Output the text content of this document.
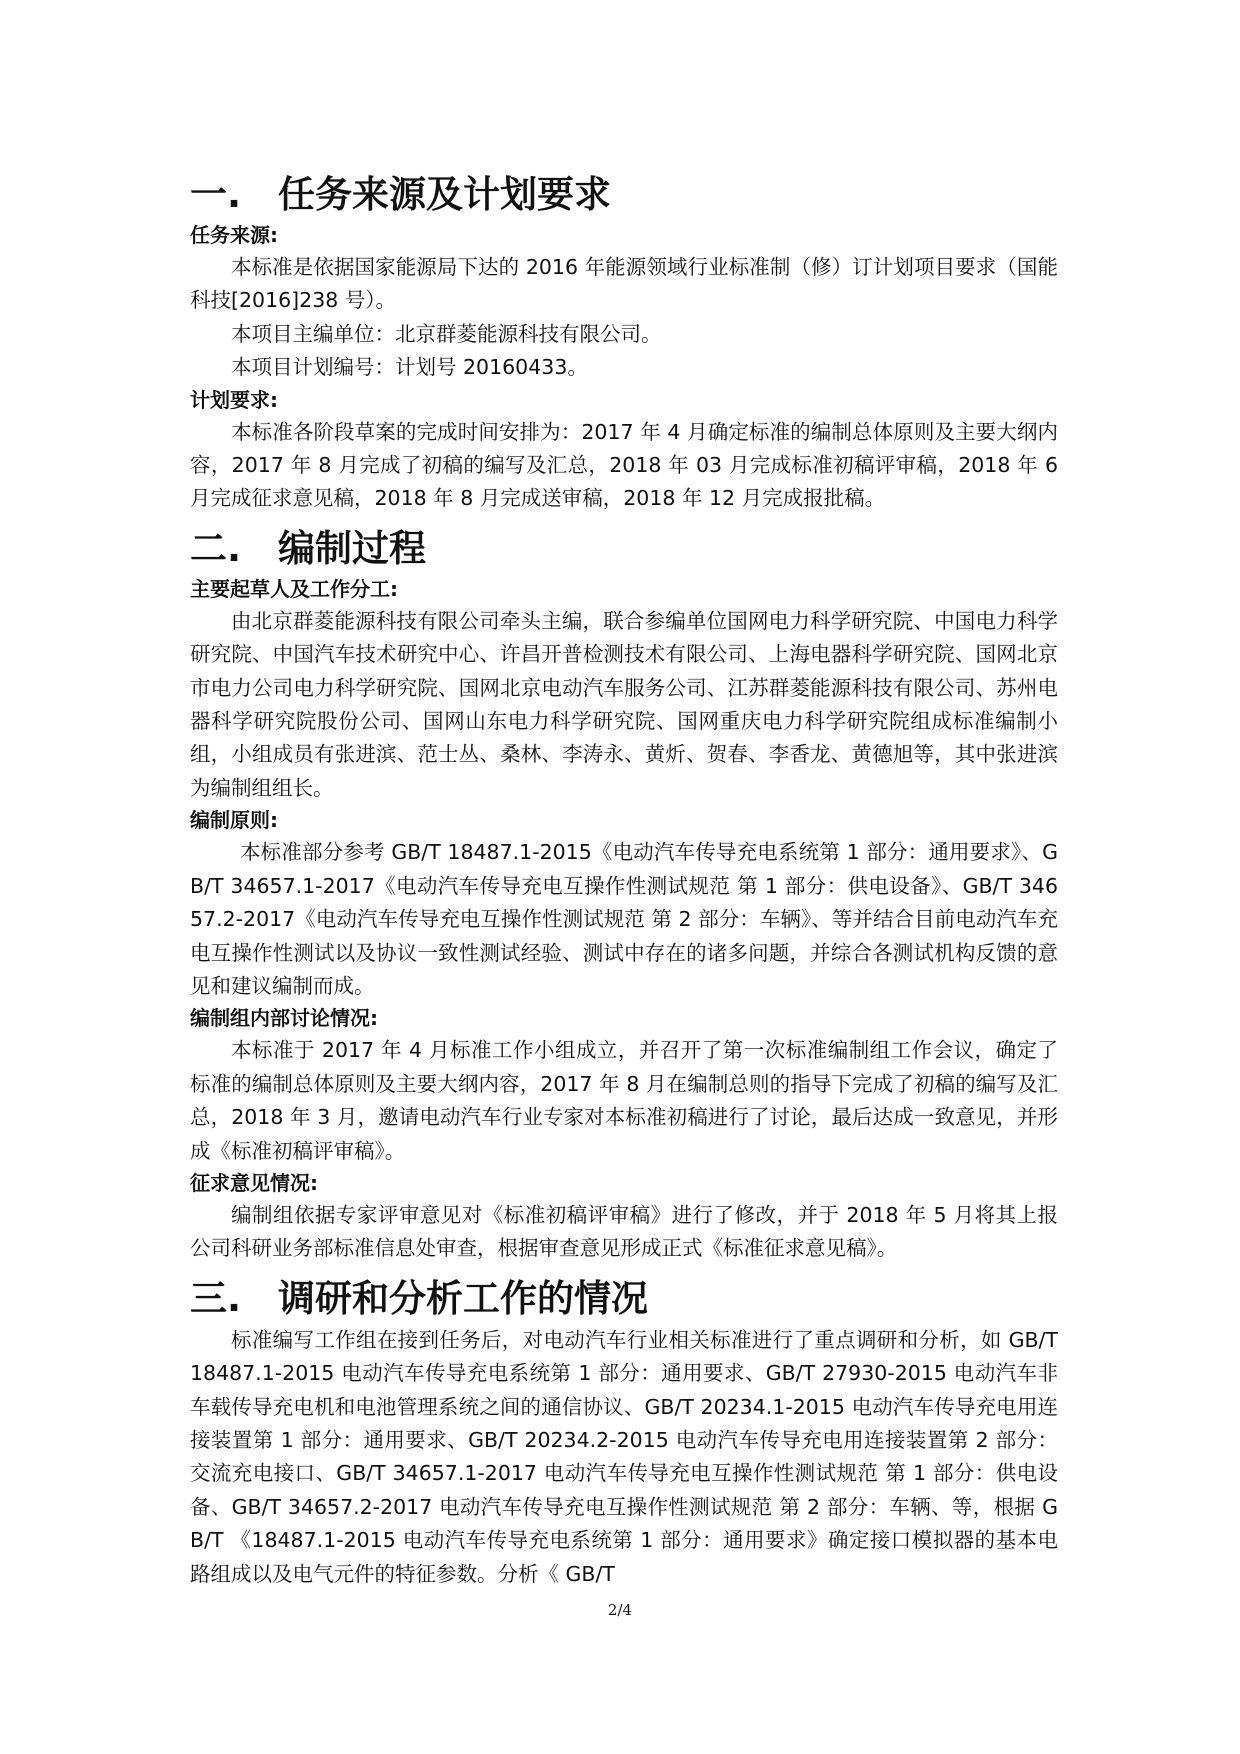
一. 任务来源及计划要求
任务来源:

本标准是依据国家能源局下达的 2016 年能源领域行业标准制（修）订计划项目要求（国能科技[2016]238 号）。

本项目主编单位：北京群菱能源科技有限公司。

本项目计划编号：计划号 20160433。

计划要求:

本标准各阶段草案的完成时间安排为：2017 年 4 月确定标准的编制总体原则及主要大纲内容，2017 年 8 月完成了初稿的编写及汇总，2018 年 03 月完成标准初稿评审稿，2018 年 6 月完成征求意见稿，2018 年 8 月完成送审稿，2018 年 12 月完成报批稿。

二. 编制过程
主要起草人及工作分工:

由北京群菱能源科技有限公司牵头主编，联合参编单位国网电力科学研究院、中国电力科学研究院、中国汽车技术研究中心、许昌开普检测技术有限公司、上海电器科学研究院、国网北京市电力公司电力科学研究院、国网北京电动汽车服务公司、江苏群菱能源科技有限公司、苏州电器科学研究院股份公司、国网山东电力科学研究院、国网重庆电力科学研究院组成标准编制小组，小组成员有张进滨、范士丛、桑林、李涛永、黄炘、贺春、李香龙、黄德旭等，其中张进滨为编制组组长。

编制原则:

本标准部分参考 GB/T 18487.1-2015《电动汽车传导充电系统第 1 部分：通用要求》、GB/T 34657.1-2017《电动汽车传导充电互操作性测试规范 第 1 部分：供电设备》、GB/T 34657.2-2017《电动汽车传导充电互操作性测试规范 第 2 部分：车辆》、等并结合目前电动汽车充电互操作性测试以及协议一致性测试经验、测试中存在的诸多问题，并综合各测试机构反馈的意见和建议编制而成。

编制组内部讨论情况:

本标准于 2017 年 4 月标准工作小组成立，并召开了第一次标准编制组工作会议，确定了标准的编制总体原则及主要大纲内容，2017 年 8 月在编制总则的指导下完成了初稿的编写及汇总，2018 年 3 月，邀请电动汽车行业专家对本标准初稿进行了讨论，最后达成一致意见，并形成《标准初稿评审稿》。

征求意见情况:

编制组依据专家评审意见对《标准初稿评审稿》进行了修改，并于 2018 年 5 月将其上报公司科研业务部标准信息处审查，根据审查意见形成正式《标准征求意见稿》。

三. 调研和分析工作的情况

标准编写工作组在接到任务后，对电动汽车行业相关标准进行了重点调研和分析，如 GB/T 18487.1-2015 电动汽车传导充电系统第 1 部分：通用要求、GB/T 27930-2015 电动汽车非车载传导充电机和电池管理系统之间的通信协议、GB/T 20234.1-2015 电动汽车传导充电用连接装置第 1 部分：通用要求、GB/T 20234.2-2015 电动汽车传导充电用连接装置第 2 部分：交流充电接口、GB/T 34657.1-2017 电动汽车传导充电互操作性测试规范 第 1 部分：供电设备、GB/T 34657.2-2017 电动汽车传导充电互操作性测试规范 第 2 部分：车辆、等，根据 GB/T 《18487.1-2015 电动汽车传导充电系统第 1 部分：通用要求》确定接口模拟器的基本电路组成以及电气元件的特征参数。分析《 GB/T

2/4
